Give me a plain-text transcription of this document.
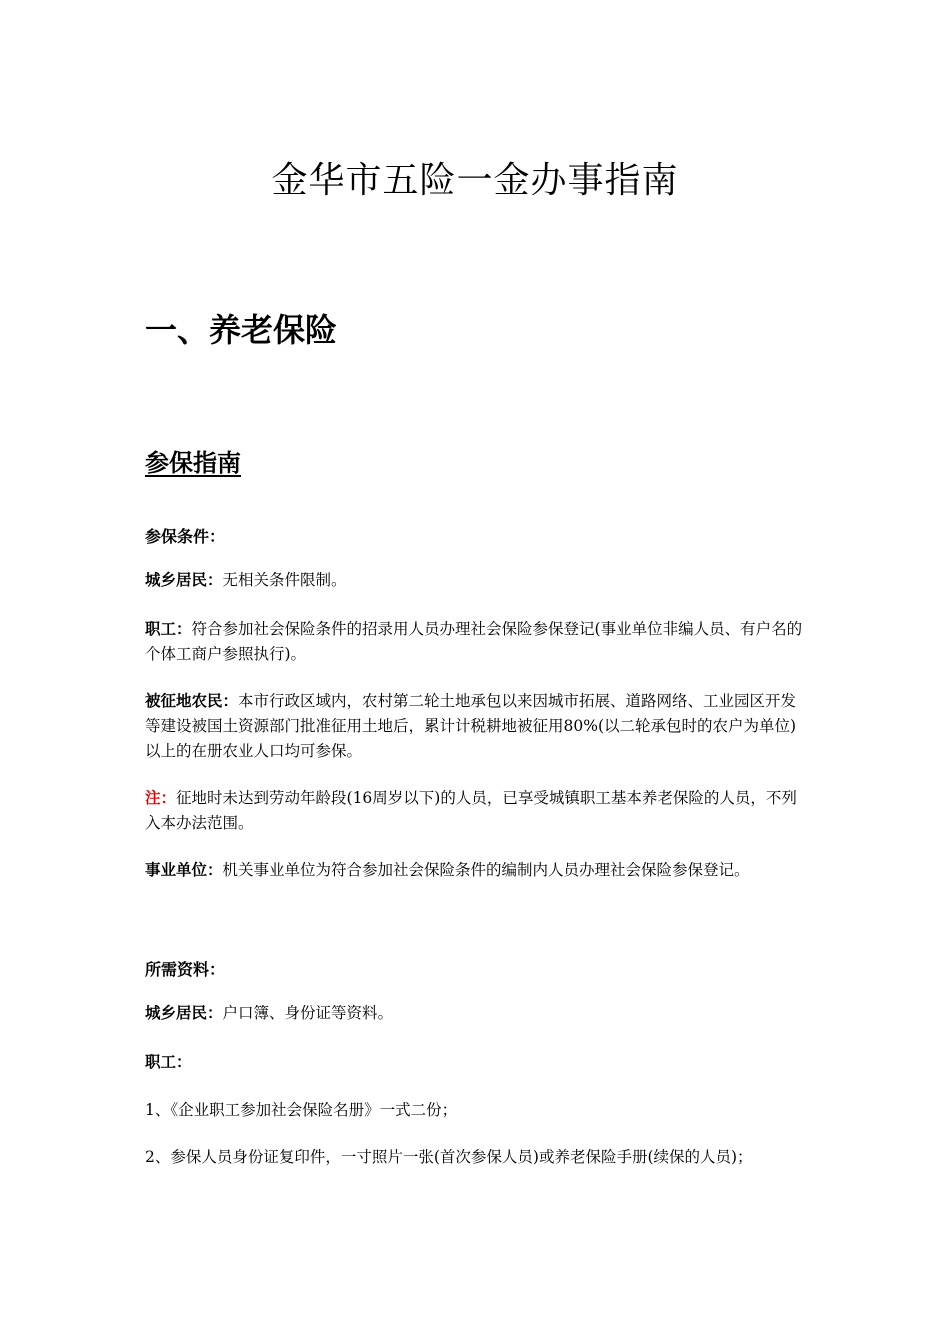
金华市五险一金办事指南
一、养老保险
参保指南

参保条件：

城乡居民：无相关条件限制。

职工：符合参加社会保险条件的招录用人员办理社会保险参保登记(事业单位非编人员、有户名的个体工商户参照执行)。

被征地农民：本市行政区域内，农村第二轮土地承包以来因城市拓展、道路网络、工业园区开发等建设被国土资源部门批准征用土地后，累计计税耕地被征用80%(以二轮承包时的农户为单位)以上的在册农业人口均可参保。

注：征地时未达到劳动年龄段(16周岁以下)的人员，已享受城镇职工基本养老保险的人员，不列入本办法范围。

事业单位：机关事业单位为符合参加社会保险条件的编制内人员办理社会保险参保登记。

所需资料：

城乡居民：户口簿、身份证等资料。

职工：

1、《企业职工参加社会保险名册》一式二份；

2、参保人员身份证复印件，一寸照片一张(首次参保人员)或养老保险手册(续保的人员)；
